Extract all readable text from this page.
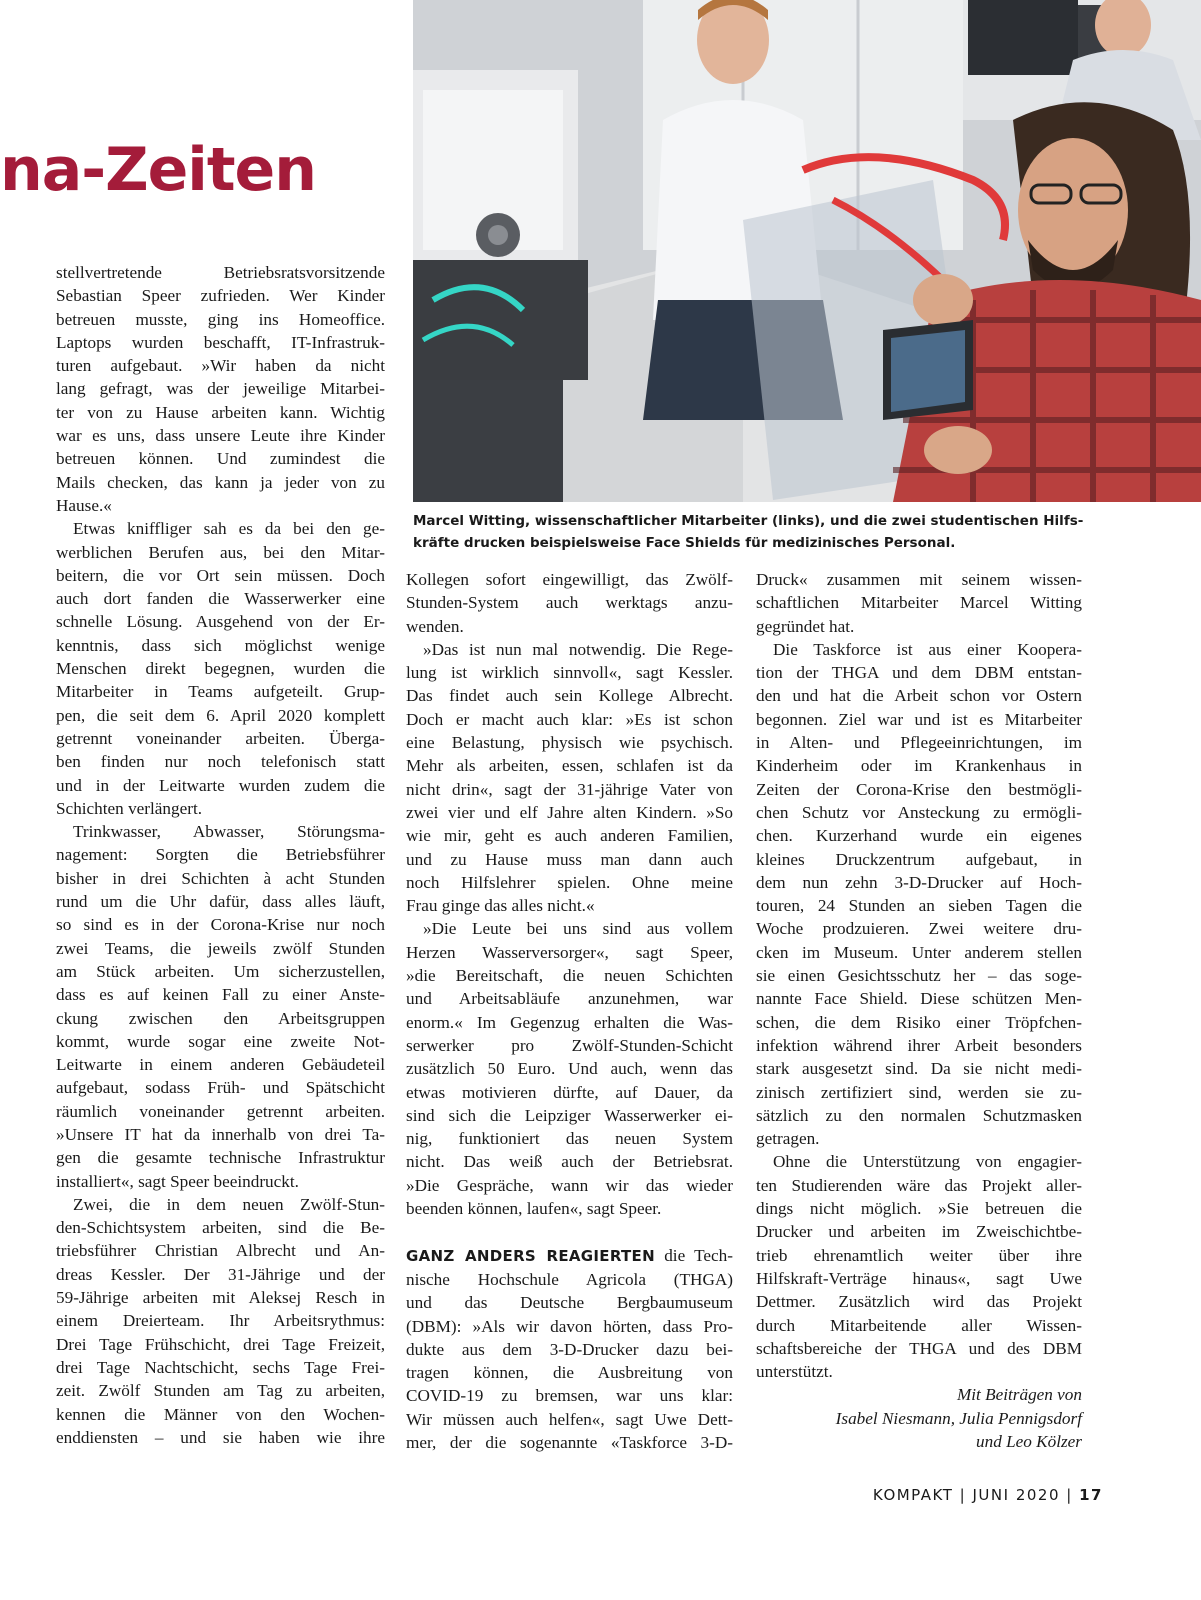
na-Zeiten
Marcel Witting, wissenschaftlicher Mitarbeiter (links), und die zwei studentischen Hilfs-
kräfte drucken beispielsweise Face Shields für medizinisches Personal.
stellvertretende Betriebsratsvorsitzende
Sebastian Speer zufrieden. Wer Kinder
betreuen musste, ging ins Homeoffice.
Laptops wurden beschafft, IT-Infrastruk-
turen aufgebaut. »Wir haben da nicht
lang gefragt, was der jeweilige Mitarbei-
ter von zu Hause arbeiten kann. Wichtig
war es uns, dass unsere Leute ihre Kinder
betreuen können. Und zumindest die
Mails checken, das kann ja jeder von zu
Hause.«
Etwas kniffliger sah es da bei den ge-
werblichen Berufen aus, bei den Mitar-
beitern, die vor Ort sein müssen. Doch
auch dort fanden die Wasserwerker eine
schnelle Lösung. Ausgehend von der Er-
kenntnis, dass sich möglichst wenige
Menschen direkt begegnen, wurden die
Mitarbeiter in Teams aufgeteilt. Grup-
pen, die seit dem 6. April 2020 komplett
getrennt voneinander arbeiten. Überga-
ben finden nur noch telefonisch statt
und in der Leitwarte wurden zudem die
Schichten verlängert.
Trinkwasser, Abwasser, Störungsma-
nagement: Sorgten die Betriebsführer
bisher in drei Schichten à acht Stunden
rund um die Uhr dafür, dass alles läuft,
so sind es in der Corona-Krise nur noch
zwei Teams, die jeweils zwölf Stunden
am Stück arbeiten. Um sicherzustellen,
dass es auf keinen Fall zu einer Anste-
ckung zwischen den Arbeitsgruppen
kommt, wurde sogar eine zweite Not-
Leitwarte in einem anderen Gebäudeteil
aufgebaut, sodass Früh- und Spätschicht
räumlich voneinander getrennt arbeiten.
»Unsere IT hat da innerhalb von drei Ta-
gen die gesamte technische Infrastruktur
installiert«, sagt Speer beeindruckt.
Zwei, die in dem neuen Zwölf-Stun-
den-Schichtsystem arbeiten, sind die Be-
triebsführer Christian Albrecht und An-
dreas Kessler. Der 31-Jährige und der
59-Jährige arbeiten mit Aleksej Resch in
einem Dreierteam. Ihr Arbeitsrythmus:
Drei Tage Frühschicht, drei Tage Freizeit,
drei Tage Nachtschicht, sechs Tage Frei-
zeit. Zwölf Stunden am Tag zu arbeiten,
kennen die Männer von den Wochen-
enddiensten – und sie haben wie ihre
Kollegen sofort eingewilligt, das Zwölf-
Stunden-System auch werktags anzu-
wenden.
»Das ist nun mal notwendig. Die Rege-
lung ist wirklich sinnvoll«, sagt Kessler.
Das findet auch sein Kollege Albrecht.
Doch er macht auch klar: »Es ist schon
eine Belastung, physisch wie psychisch.
Mehr als arbeiten, essen, schlafen ist da
nicht drin«, sagt der 31-jährige Vater von
zwei vier und elf Jahre alten Kindern. »So
wie mir, geht es auch anderen Familien,
und zu Hause muss man dann auch
noch Hilfslehrer spielen. Ohne meine
Frau ginge das alles nicht.«
»Die Leute bei uns sind aus vollem
Herzen Wasserversorger«, sagt Speer,
»die Bereitschaft, die neuen Schichten
und Arbeitsabläufe anzunehmen, war
enorm.« Im Gegenzug erhalten die Was-
serwerker pro Zwölf-Stunden-Schicht
zusätzlich 50 Euro. Und auch, wenn das
etwas motivieren dürfte, auf Dauer, da
sind sich die Leipziger Wasserwerker ei-
nig, funktioniert das neuen System
nicht. Das weiß auch der Betriebsrat.
»Die Gespräche, wann wir das wieder
beenden können, laufen«, sagt Speer.
GANZ ANDERS REAGIERTEN die Tech-
nische Hochschule Agricola (THGA)
und das Deutsche Bergbaumuseum
(DBM): »Als wir davon hörten, dass Pro-
dukte aus dem 3-D-Drucker dazu bei-
tragen können, die Ausbreitung von
COVID-19 zu bremsen, war uns klar:
Wir müssen auch helfen«, sagt Uwe Dett-
mer, der die sogenannte «Taskforce 3-D-
Druck« zusammen mit seinem wissen-
schaftlichen Mitarbeiter Marcel Witting
gegründet hat.
Die Taskforce ist aus einer Koopera-
tion der THGA und dem DBM entstan-
den und hat die Arbeit schon vor Ostern
begonnen. Ziel war und ist es Mitarbeiter
in Alten- und Pflegeeinrichtungen, im
Kinderheim oder im Krankenhaus in
Zeiten der Corona-Krise den bestmögli-
chen Schutz vor Ansteckung zu ermögli-
chen. Kurzerhand wurde ein eigenes
kleines Druckzentrum aufgebaut, in
dem nun zehn 3-D-Drucker auf Hoch-
touren, 24 Stunden an sieben Tagen die
Woche prodzuieren. Zwei weitere dru-
cken im Museum. Unter anderem stellen
sie einen Gesichtsschutz her – das soge-
nannte Face Shield. Diese schützen Men-
schen, die dem Risiko einer Tröpfchen-
infektion während ihrer Arbeit besonders
stark ausgesetzt sind. Da sie nicht medi-
zinisch zertifiziert sind, werden sie zu-
sätzlich zu den normalen Schutzmasken
getragen.
Ohne die Unterstützung von engagier-
ten Studierenden wäre das Projekt aller-
dings nicht möglich. »Sie betreuen die
Drucker und arbeiten im Zweischichtbe-
trieb ehrenamtlich weiter über ihre
Hilfskraft-Verträge hinaus«, sagt Uwe
Dettmer. Zusätzlich wird das Projekt
durch Mitarbeitende aller Wissen-
schaftsbereiche der THGA und des DBM
unterstützt.
Mit Beiträgen von
Isabel Niesmann, Julia Pennigsdorf
und Leo Kölzer
KOMPAKT | JUNI 2020 | 17
